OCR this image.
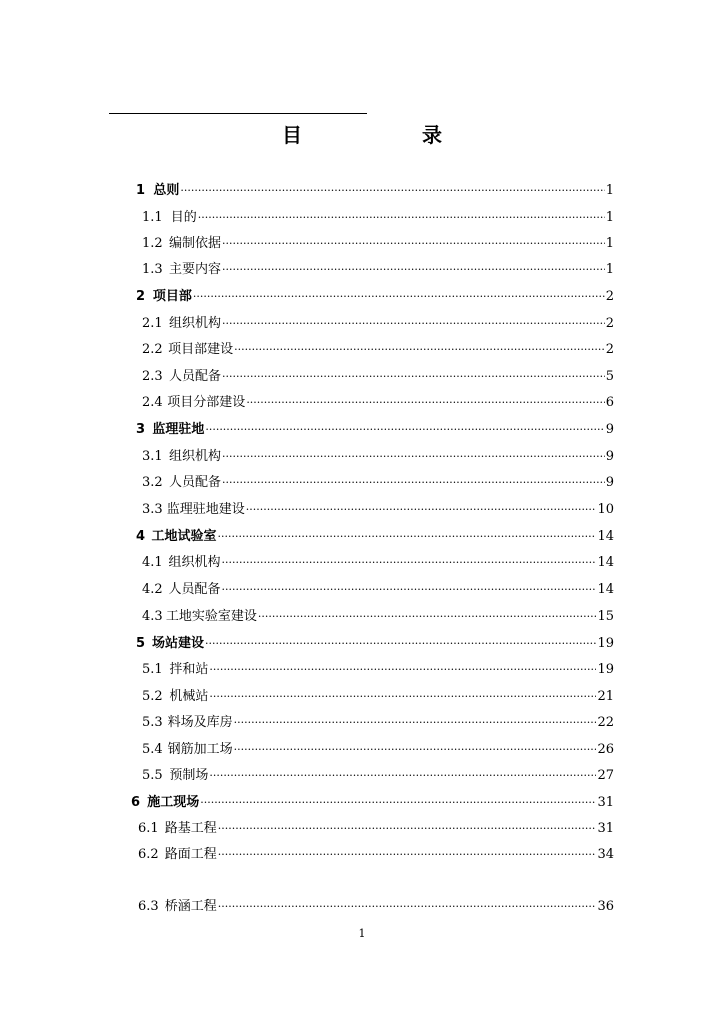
目　录
1 总则 ·····	1
1.1 目的 ·····	1
1.2 编制依据 ·····	1
1.3 主要内容 ·····	1
2 项目部 ·····	2
2.1 组织机构 ·····	2
2.2 项目部建设 ·····	2
2.3 人员配备 ·····	5
2.4 项目分部建设 ·····	6
3 监理驻地 ·····	9
3.1 组织机构 ·····	9
3.2 人员配备 ·····	9
3.3 监理驻地建设 ·····	10
4 工地试验室 ·····	14
4.1 组织机构 ·····	14
4.2 人员配备 ·····	14
4.3 工地实验室建设 ·····	15
5 场站建设 ·····	19
5.1 拌和站 ·····	19
5.2 机械站 ·····	21
5.3 料场及库房 ·····	22
5.4 钢筋加工场 ·····	26
5.5 预制场 ·····	27
6 施工现场 ·····	31
6.1 路基工程 ·····	31
6.2 路面工程 ·····	34
6.3 桥涵工程 ·····	36
1
